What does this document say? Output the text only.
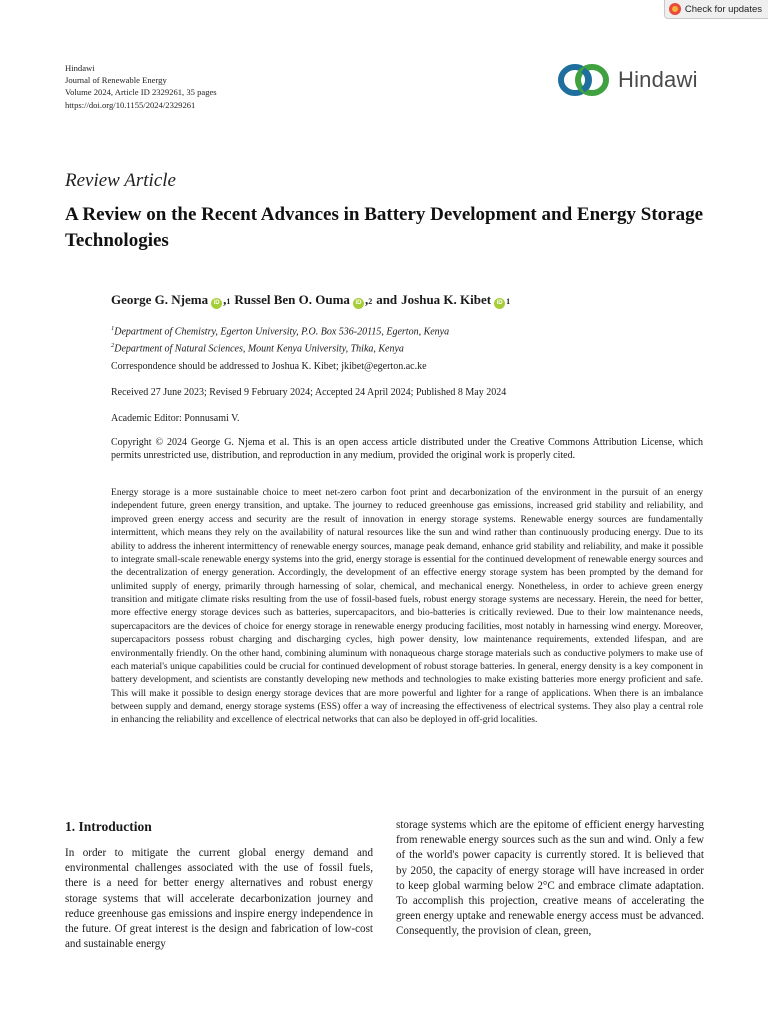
Check for updates
Hindawi
Journal of Renewable Energy
Volume 2024, Article ID 2329261, 35 pages
https://doi.org/10.1155/2024/2329261
Hindawi
Review Article
A Review on the Recent Advances in Battery Development and Energy Storage Technologies
George G. Njema iD , 1 Russel Ben O. Ouma iD , 2 and Joshua K. Kibet iD 1
$^1$Department of Chemistry, Egerton University, P.O. Box 536-20115, Egerton, Kenya
$^2$Department of Natural Sciences, Mount Kenya University, Thika, Kenya
Correspondence should be addressed to Joshua K. Kibet; jkibet@egerton.ac.ke
Received 27 June 2023; Revised 9 February 2024; Accepted 24 April 2024; Published 8 May 2024
Academic Editor: Ponnusami V.
Copyright © 2024 George G. Njema et al. This is an open access article distributed under the Creative Commons Attribution License, which permits unrestricted use, distribution, and reproduction in any medium, provided the original work is properly cited.
Energy storage is a more sustainable choice to meet net-zero carbon foot print and decarbonization of the environment in the pursuit of an energy independent future, green energy transition, and uptake. The journey to reduced greenhouse gas emissions, increased grid stability and reliability, and improved green energy access and security are the result of innovation in energy storage systems. Renewable energy sources are fundamentally intermittent, which means they rely on the availability of natural resources like the sun and wind rather than continuously producing energy. Due to its ability to address the inherent intermittency of renewable energy sources, manage peak demand, enhance grid stability and reliability, and make it possible to integrate small-scale renewable energy systems into the grid, energy storage is essential for the continued development of renewable energy sources and the decentralization of energy generation. Accordingly, the development of an effective energy storage system has been prompted by the demand for unlimited supply of energy, primarily through harnessing of solar, chemical, and mechanical energy. Nonetheless, in order to achieve green energy transition and mitigate climate risks resulting from the use of fossil-based fuels, robust energy storage systems are necessary. Herein, the need for better, more effective energy storage devices such as batteries, supercapacitors, and bio-batteries is critically reviewed. Due to their low maintenance needs, supercapacitors are the devices of choice for energy storage in renewable energy producing facilities, most notably in harnessing wind energy. Moreover, supercapacitors possess robust charging and discharging cycles, high power density, low maintenance requirements, extended lifespan, and are environmentally friendly. On the other hand, combining aluminum with nonaqueous charge storage materials such as conductive polymers to make use of each material's unique capabilities could be crucial for continued development of robust storage batteries. In general, energy density is a key component in battery development, and scientists are constantly developing new methods and technologies to make existing batteries more energy proficient and safe. This will make it possible to design energy storage devices that are more powerful and lighter for a range of applications. When there is an imbalance between supply and demand, energy storage systems (ESS) offer a way of increasing the effectiveness of electrical systems. They also play a central role in enhancing the reliability and excellence of electrical networks that can also be deployed in off-grid localities.
1. Introduction

In order to mitigate the current global energy demand and environmental challenges associated with the use of fossil fuels, there is a need for better energy alternatives and robust energy storage systems that will accelerate decarbonization journey and reduce greenhouse gas emissions and inspire energy independence in the future. Of great interest is the design and fabrication of low-cost and sustainable energy

storage systems which are the epitome of efficient energy harvesting from renewable energy sources such as the sun and wind. Only a few of the world's power capacity is currently stored. It is believed that by 2050, the capacity of energy storage will have increased in order to keep global warming below 2°C and embrace climate adaptation. To accomplish this projection, creative means of accelerating the green energy uptake and renewable energy access must be advanced. Consequently, the provision of clean, green,
